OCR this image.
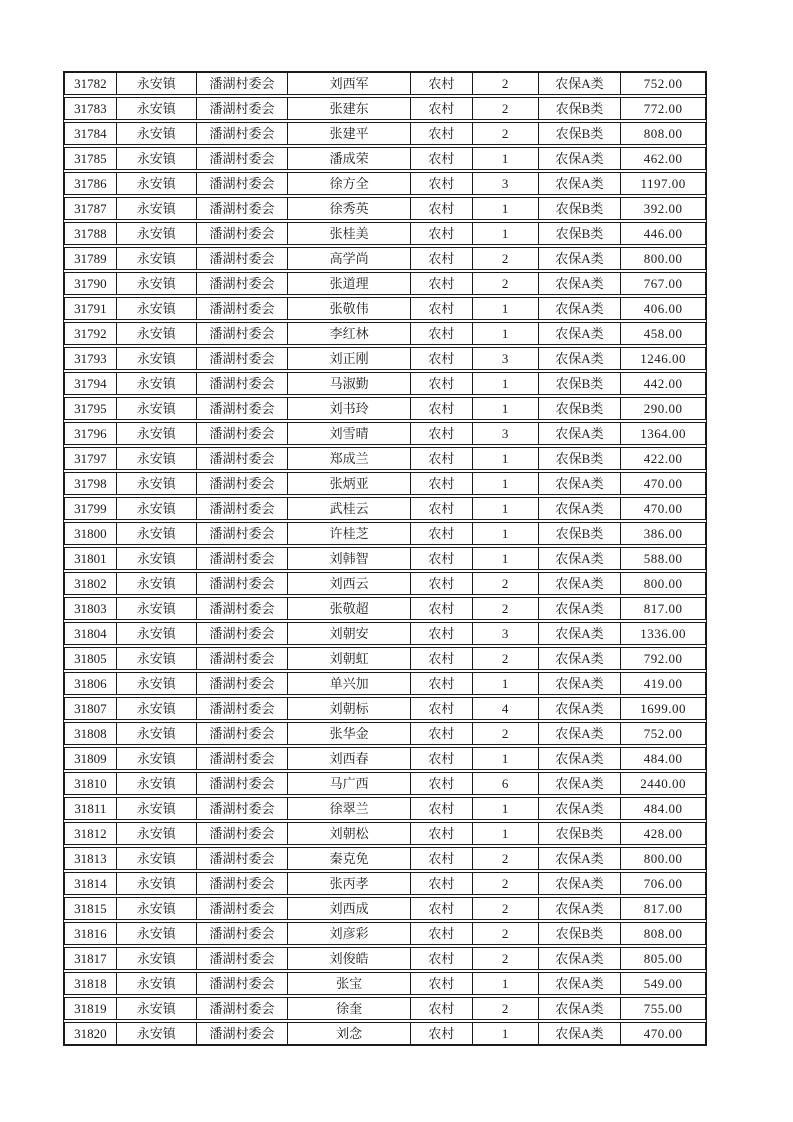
31782	永安镇	潘湖村委会	刘西军	农村	2	农保A类	752.00
31783	永安镇	潘湖村委会	张建东	农村	2	农保B类	772.00
31784	永安镇	潘湖村委会	张建平	农村	2	农保B类	808.00
31785	永安镇	潘湖村委会	潘成荣	农村	1	农保A类	462.00
31786	永安镇	潘湖村委会	徐方全	农村	3	农保A类	1197.00
31787	永安镇	潘湖村委会	徐秀英	农村	1	农保B类	392.00
31788	永安镇	潘湖村委会	张桂美	农村	1	农保B类	446.00
31789	永安镇	潘湖村委会	高学尚	农村	2	农保A类	800.00
31790	永安镇	潘湖村委会	张道理	农村	2	农保A类	767.00
31791	永安镇	潘湖村委会	张敬伟	农村	1	农保A类	406.00
31792	永安镇	潘湖村委会	李红林	农村	1	农保A类	458.00
31793	永安镇	潘湖村委会	刘正刚	农村	3	农保A类	1246.00
31794	永安镇	潘湖村委会	马淑勤	农村	1	农保B类	442.00
31795	永安镇	潘湖村委会	刘书玲	农村	1	农保B类	290.00
31796	永安镇	潘湖村委会	刘雪晴	农村	3	农保A类	1364.00
31797	永安镇	潘湖村委会	郑成兰	农村	1	农保B类	422.00
31798	永安镇	潘湖村委会	张炳亚	农村	1	农保A类	470.00
31799	永安镇	潘湖村委会	武桂云	农村	1	农保A类	470.00
31800	永安镇	潘湖村委会	许桂芝	农村	1	农保B类	386.00
31801	永安镇	潘湖村委会	刘韩智	农村	1	农保A类	588.00
31802	永安镇	潘湖村委会	刘西云	农村	2	农保A类	800.00
31803	永安镇	潘湖村委会	张敬超	农村	2	农保A类	817.00
31804	永安镇	潘湖村委会	刘朝安	农村	3	农保A类	1336.00
31805	永安镇	潘湖村委会	刘朝虹	农村	2	农保A类	792.00
31806	永安镇	潘湖村委会	单兴加	农村	1	农保A类	419.00
31807	永安镇	潘湖村委会	刘朝标	农村	4	农保A类	1699.00
31808	永安镇	潘湖村委会	张华金	农村	2	农保A类	752.00
31809	永安镇	潘湖村委会	刘西春	农村	1	农保A类	484.00
31810	永安镇	潘湖村委会	马广西	农村	6	农保A类	2440.00
31811	永安镇	潘湖村委会	徐翠兰	农村	1	农保A类	484.00
31812	永安镇	潘湖村委会	刘朝松	农村	1	农保B类	428.00
31813	永安镇	潘湖村委会	秦克免	农村	2	农保A类	800.00
31814	永安镇	潘湖村委会	张丙孝	农村	2	农保A类	706.00
31815	永安镇	潘湖村委会	刘西成	农村	2	农保A类	817.00
31816	永安镇	潘湖村委会	刘彦彩	农村	2	农保B类	808.00
31817	永安镇	潘湖村委会	刘俊皓	农村	2	农保A类	805.00
31818	永安镇	潘湖村委会	张宝	农村	1	农保A类	549.00
31819	永安镇	潘湖村委会	徐奎	农村	2	农保A类	755.00
31820	永安镇	潘湖村委会	刘念	农村	1	农保A类	470.00
